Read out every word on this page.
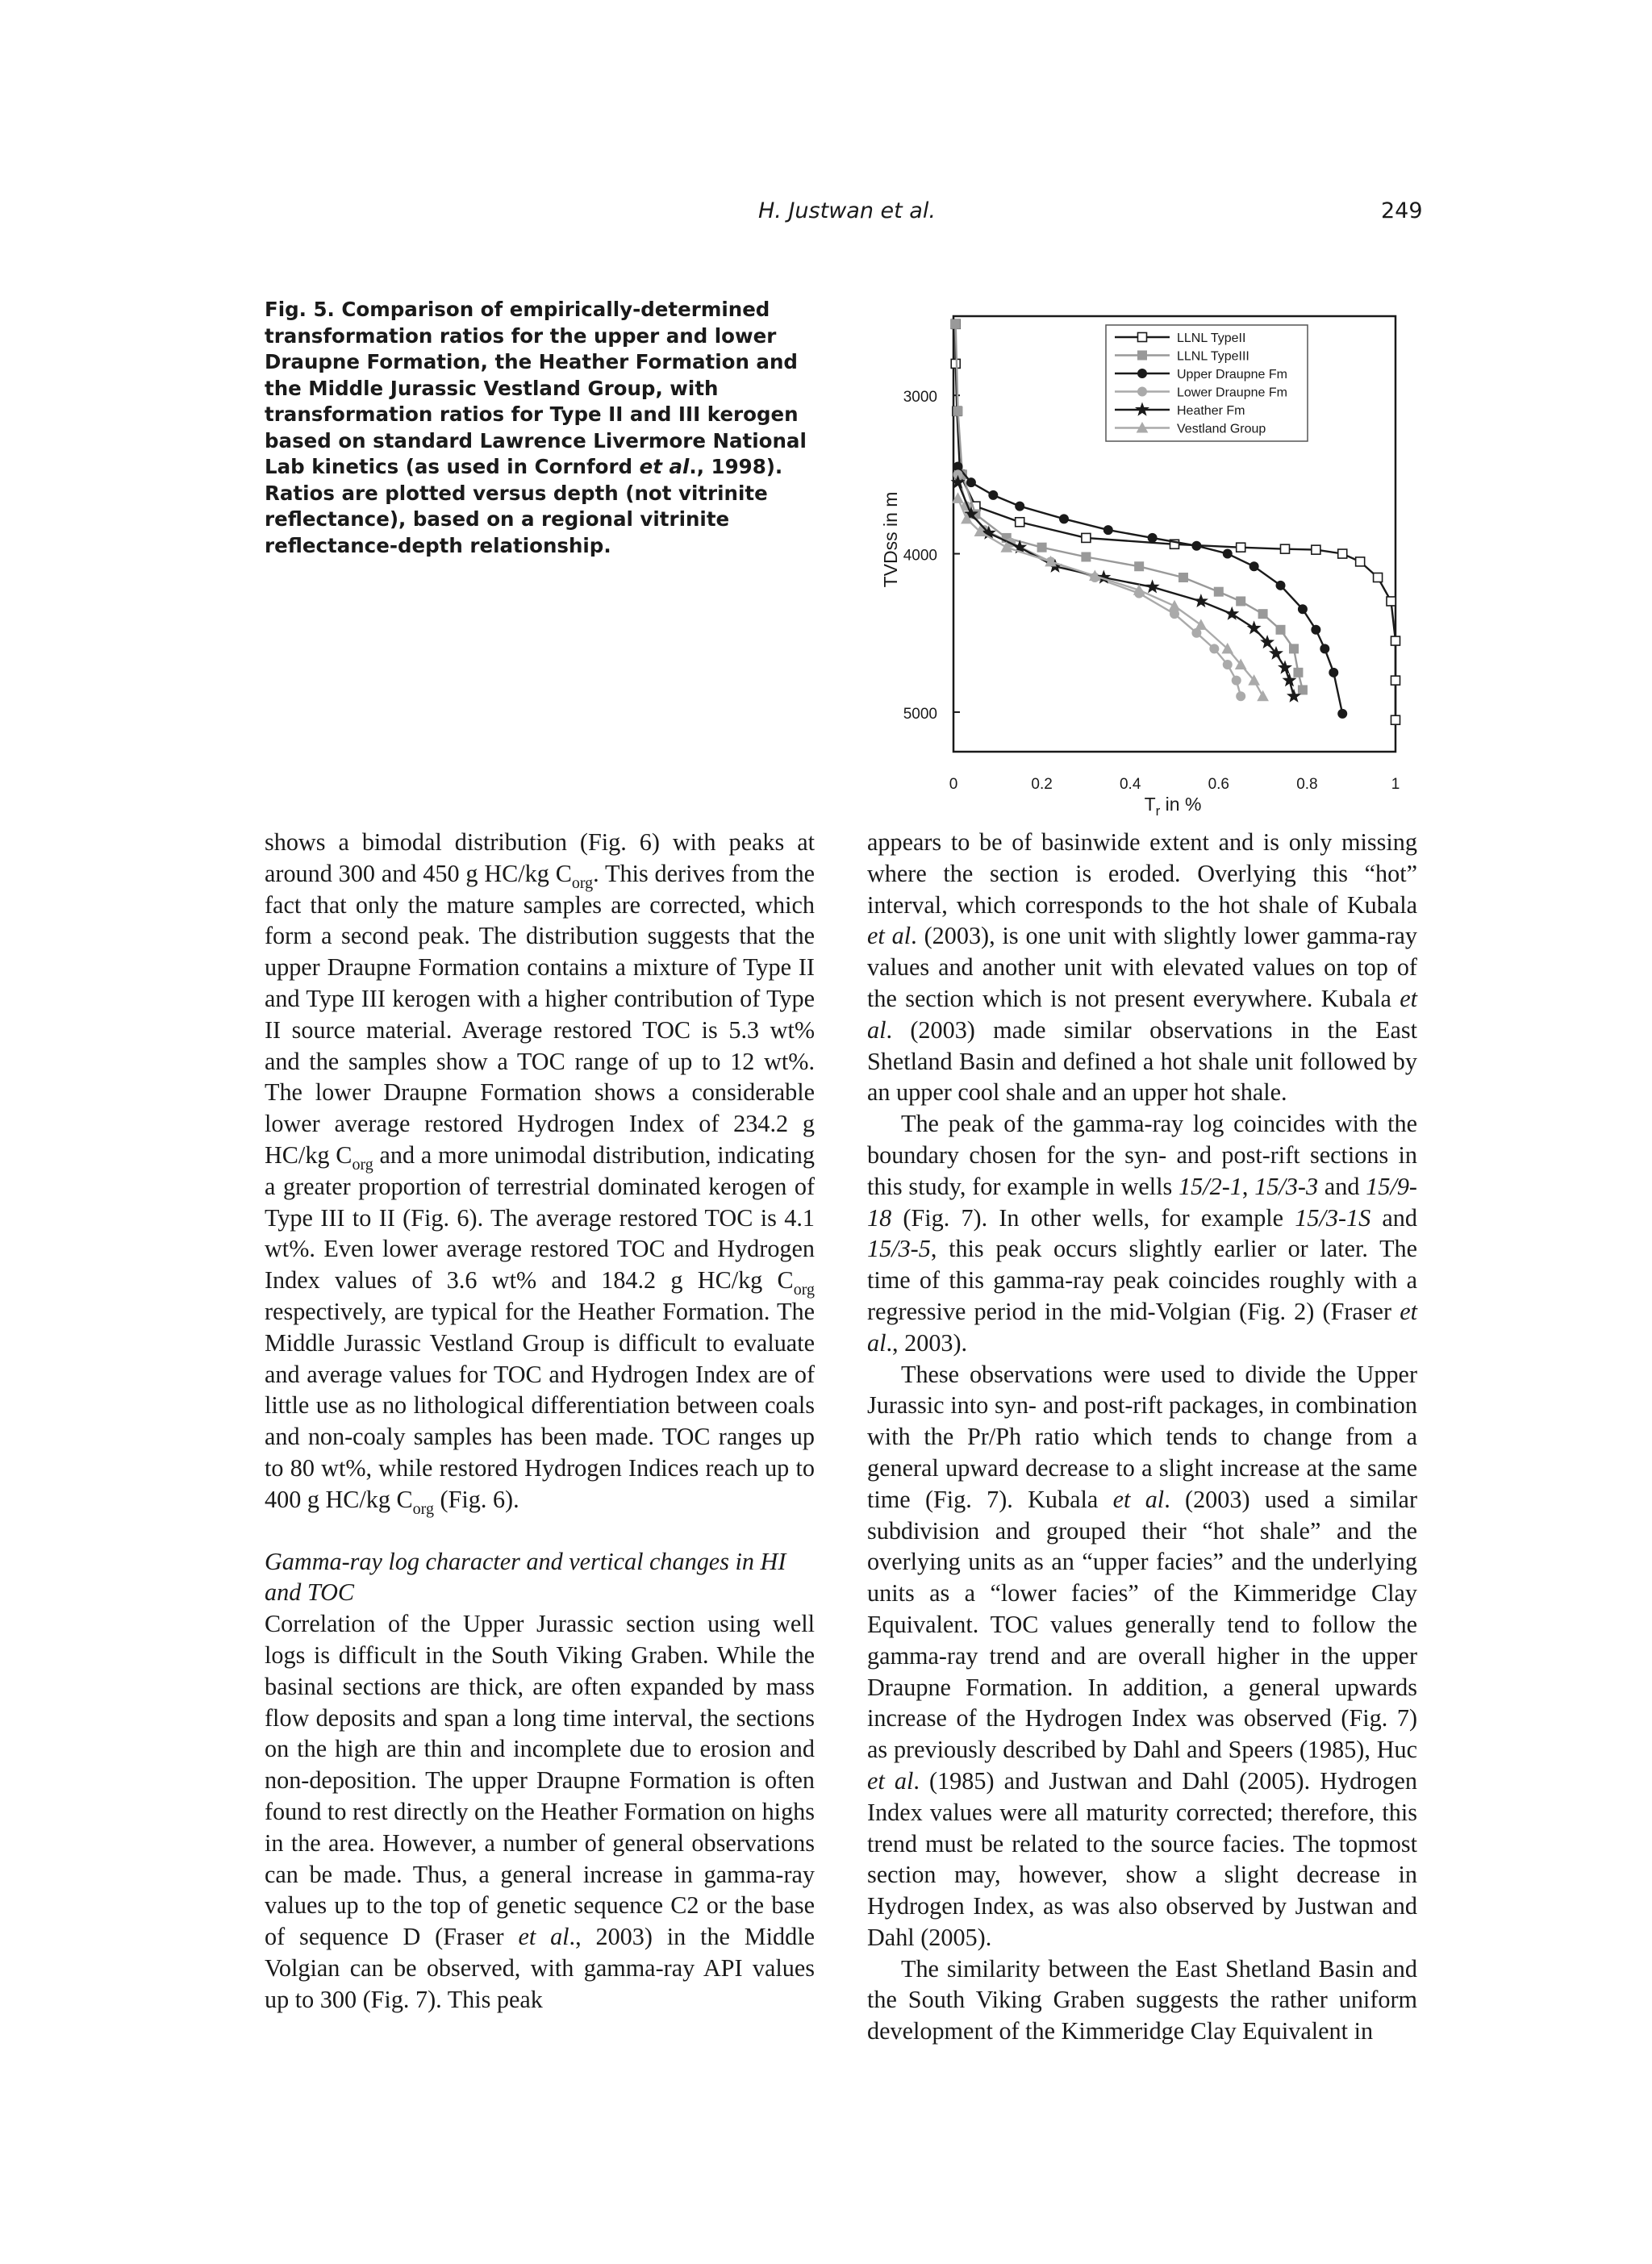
H. Justwan et al.	249

Fig. 5. Comparison of empirically-determined transformation ratios for the upper and lower Draupne Formation, the Heather Formation and the Middle Jurassic Vestland Group, with transformation ratios for Type II and III kerogen based on standard Lawrence Livermore National Lab kinetics (as used in Cornford et al., 1998). Ratios are plotted versus depth (not vitrinite reflectance), based on a regional vitrinite reflectance-depth relationship.

3000
4000
5000
0	0.2	0.4	0.6	0.8	1
LLNL TypeII
LLNL TypeIII
Upper Draupne Fm
Lower Draupne Fm
Heather Fm
Vestland Group
TVDss in m
$T_r$ in %

shows a bimodal distribution (Fig. 6) with peaks at around 300 and 450 g HC/kg $C_{org}$. This derives from the fact that only the mature samples are corrected, which form a second peak. The distribution suggests that the upper Draupne Formation contains a mixture of Type II and Type III kerogen with a higher contribution of Type II source material. Average restored TOC is 5.3 wt% and the samples show a TOC range of up to 12 wt%. The lower Draupne Formation shows a considerable lower average restored Hydrogen Index of 234.2 g HC/kg $C_{org}$ and a more unimodal distribution, indicating a greater proportion of terrestrial dominated kerogen of Type III to II (Fig. 6). The average restored TOC is 4.1 wt%. Even lower average restored TOC and Hydrogen Index values of 3.6 wt% and 184.2 g HC/kg $C_{org}$ respectively, are typical for the Heather Formation. The Middle Jurassic Vestland Group is difficult to evaluate and average values for TOC and Hydrogen Index are of little use as no lithological differentiation between coals and non-coaly samples has been made. TOC ranges up to 80 wt%, while restored Hydrogen Indices reach up to 400 g HC/kg $C_{org}$ (Fig. 6).

Gamma-ray log character and vertical changes in HI and TOC

Correlation of the Upper Jurassic section using well logs is difficult in the South Viking Graben. While the basinal sections are thick, are often expanded by mass flow deposits and span a long time interval, the sections on the high are thin and incomplete due to erosion and non-deposition. The upper Draupne Formation is often found to rest directly on the Heather Formation on highs in the area. However, a number of general observations can be made. Thus, a general increase in gamma-ray values up to the top of genetic sequence C2 or the base of sequence D (Fraser et al., 2003) in the Middle Volgian can be observed, with gamma-ray API values up to 300 (Fig. 7). This peak

appears to be of basinwide extent and is only missing where the section is eroded. Overlying this “hot” interval, which corresponds to the hot shale of Kubala et al. (2003), is one unit with slightly lower gamma-ray values and another unit with elevated values on top of the section which is not present everywhere. Kubala et al. (2003) made similar observations in the East Shetland Basin and defined a hot shale unit followed by an upper cool shale and an upper hot shale.

The peak of the gamma-ray log coincides with the boundary chosen for the syn- and post-rift sections in this study, for example in wells 15/2-1, 15/3-3 and 15/9-18 (Fig. 7). In other wells, for example 15/3-1S and 15/3-5, this peak occurs slightly earlier or later. The time of this gamma-ray peak coincides roughly with a regressive period in the mid-Volgian (Fig. 2) (Fraser et al., 2003).

These observations were used to divide the Upper Jurassic into syn- and post-rift packages, in combination with the Pr/Ph ratio which tends to change from a general upward decrease to a slight increase at the same time (Fig. 7). Kubala et al. (2003) used a similar subdivision and grouped their “hot shale” and the overlying units as an “upper facies” and the underlying units as a “lower facies” of the Kimmeridge Clay Equivalent. TOC values generally tend to follow the gamma-ray trend and are overall higher in the upper Draupne Formation. In addition, a general upwards increase of the Hydrogen Index was observed (Fig. 7) as previously described by Dahl and Speers (1985), Huc et al. (1985) and Justwan and Dahl (2005). Hydrogen Index values were all maturity corrected; therefore, this trend must be related to the source facies. The topmost section may, however, show a slight decrease in Hydrogen Index, as was also observed by Justwan and Dahl (2005).

The similarity between the East Shetland Basin and the South Viking Graben suggests the rather uniform development of the Kimmeridge Clay Equivalent in
